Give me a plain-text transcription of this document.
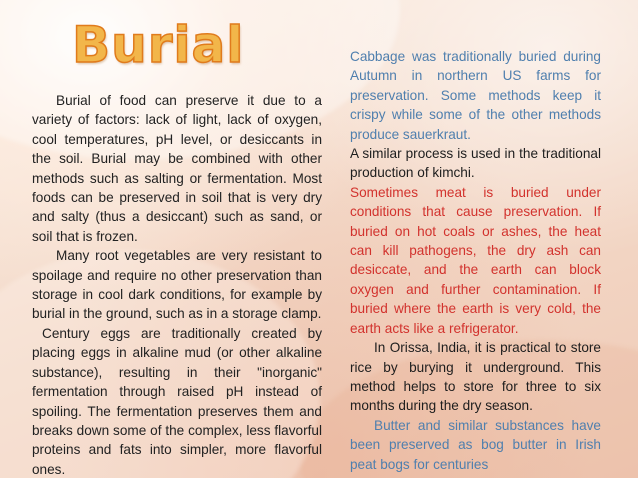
Burial

Burial of food can preserve it due to a variety of factors: lack of light, lack of oxygen, cool temperatures, pH level, or desiccants in the soil. Burial may be combined with other methods such as salting or fermentation. Most foods can be preserved in soil that is very dry and salty (thus a desiccant) such as sand, or soil that is frozen.

Many root vegetables are very resistant to spoilage and require no other preservation than storage in cool dark conditions, for example by burial in the ground, such as in a storage clamp.

Century eggs are traditionally created by placing eggs in alkaline mud (or other alkaline substance), resulting in their "inorganic" fermentation through raised pH instead of spoiling. The fermentation preserves them and breaks down some of the complex, less flavorful proteins and fats into simpler, more flavorful ones.

Cabbage was traditionally buried during Autumn in northern US farms for preservation. Some methods keep it crispy while some of the other methods produce sauerkraut.

A similar process is used in the traditional production of kimchi.

Sometimes meat is buried under conditions that cause preservation. If buried on hot coals or ashes, the heat can kill pathogens, the dry ash can desiccate, and the earth can block oxygen and further contamination. If buried where the earth is very cold, the earth acts like a refrigerator.

In Orissa, India, it is practical to store rice by burying it underground. This method helps to store for three to six months during the dry season.

Butter and similar substances have been preserved as bog butter in Irish peat bogs for centuries
